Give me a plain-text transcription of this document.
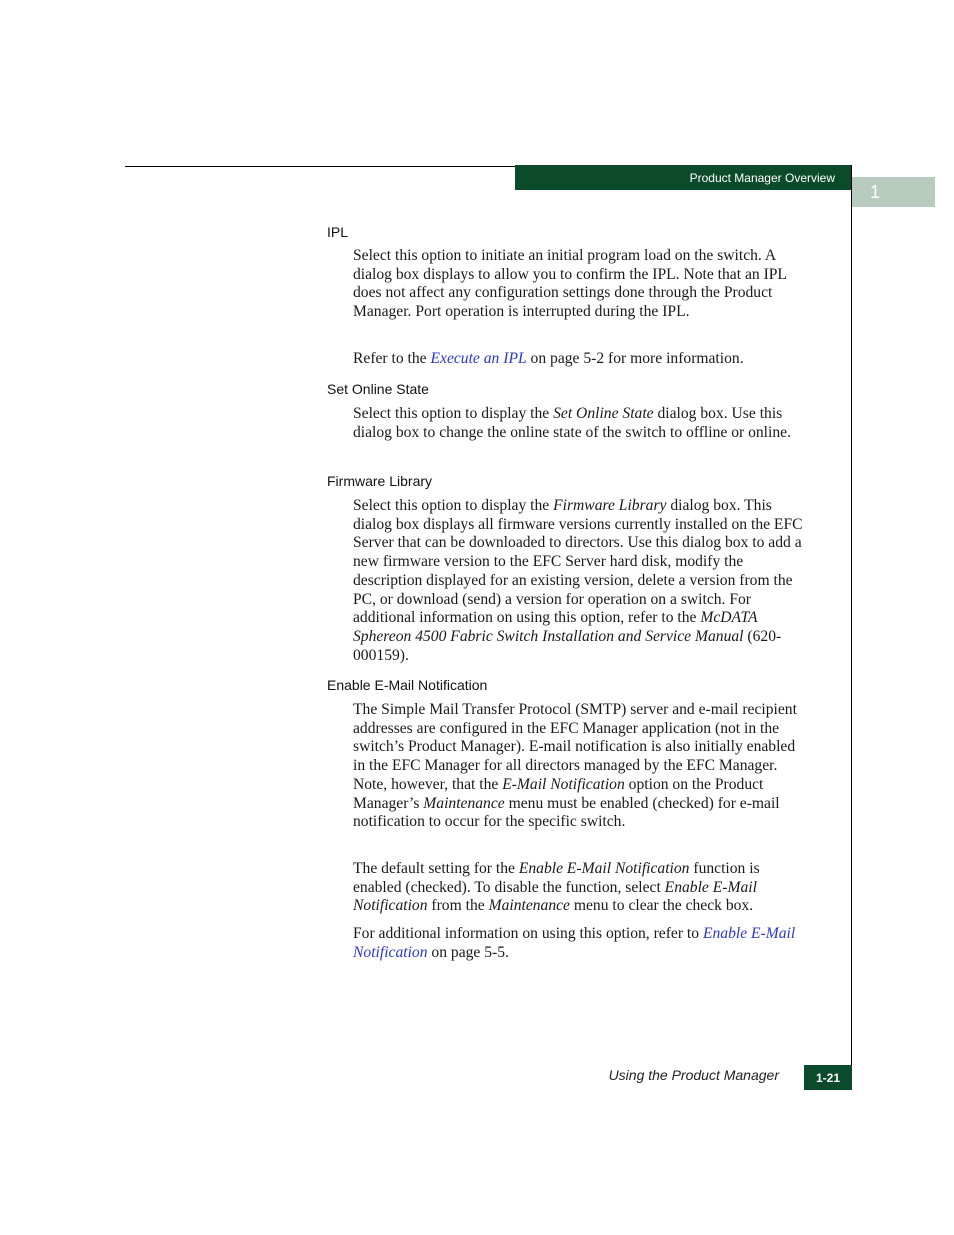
Product Manager Overview
1
IPL
Select this option to initiate an initial program load on the switch. A dialog box displays to allow you to confirm the IPL. Note that an IPL does not affect any configuration settings done through the Product Manager. Port operation is interrupted during the IPL.
Refer to the Execute an IPL on page 5-2 for more information.
Set Online State
Select this option to display the Set Online State dialog box. Use this dialog box to change the online state of the switch to offline or online.
Firmware Library
Select this option to display the Firmware Library dialog box. This dialog box displays all firmware versions currently installed on the EFC Server that can be downloaded to directors. Use this dialog box to add a new firmware version to the EFC Server hard disk, modify the description displayed for an existing version, delete a version from the PC, or download (send) a version for operation on a switch. For additional information on using this option, refer to the McDATA Sphereon 4500 Fabric Switch Installation and Service Manual (620-000159).
Enable E-Mail Notification
The Simple Mail Transfer Protocol (SMTP) server and e-mail recipient addresses are configured in the EFC Manager application (not in the switch’s Product Manager). E-mail notification is also initially enabled in the EFC Manager for all directors managed by the EFC Manager. Note, however, that the E-Mail Notification option on the Product Manager’s Maintenance menu must be enabled (checked) for e-mail notification to occur for the specific switch.
The default setting for the Enable E-Mail Notification function is enabled (checked). To disable the function, select Enable E-Mail Notification from the Maintenance menu to clear the check box.
For additional information on using this option, refer to Enable E-Mail Notification on page 5-5.
Using the Product Manager	1-21
